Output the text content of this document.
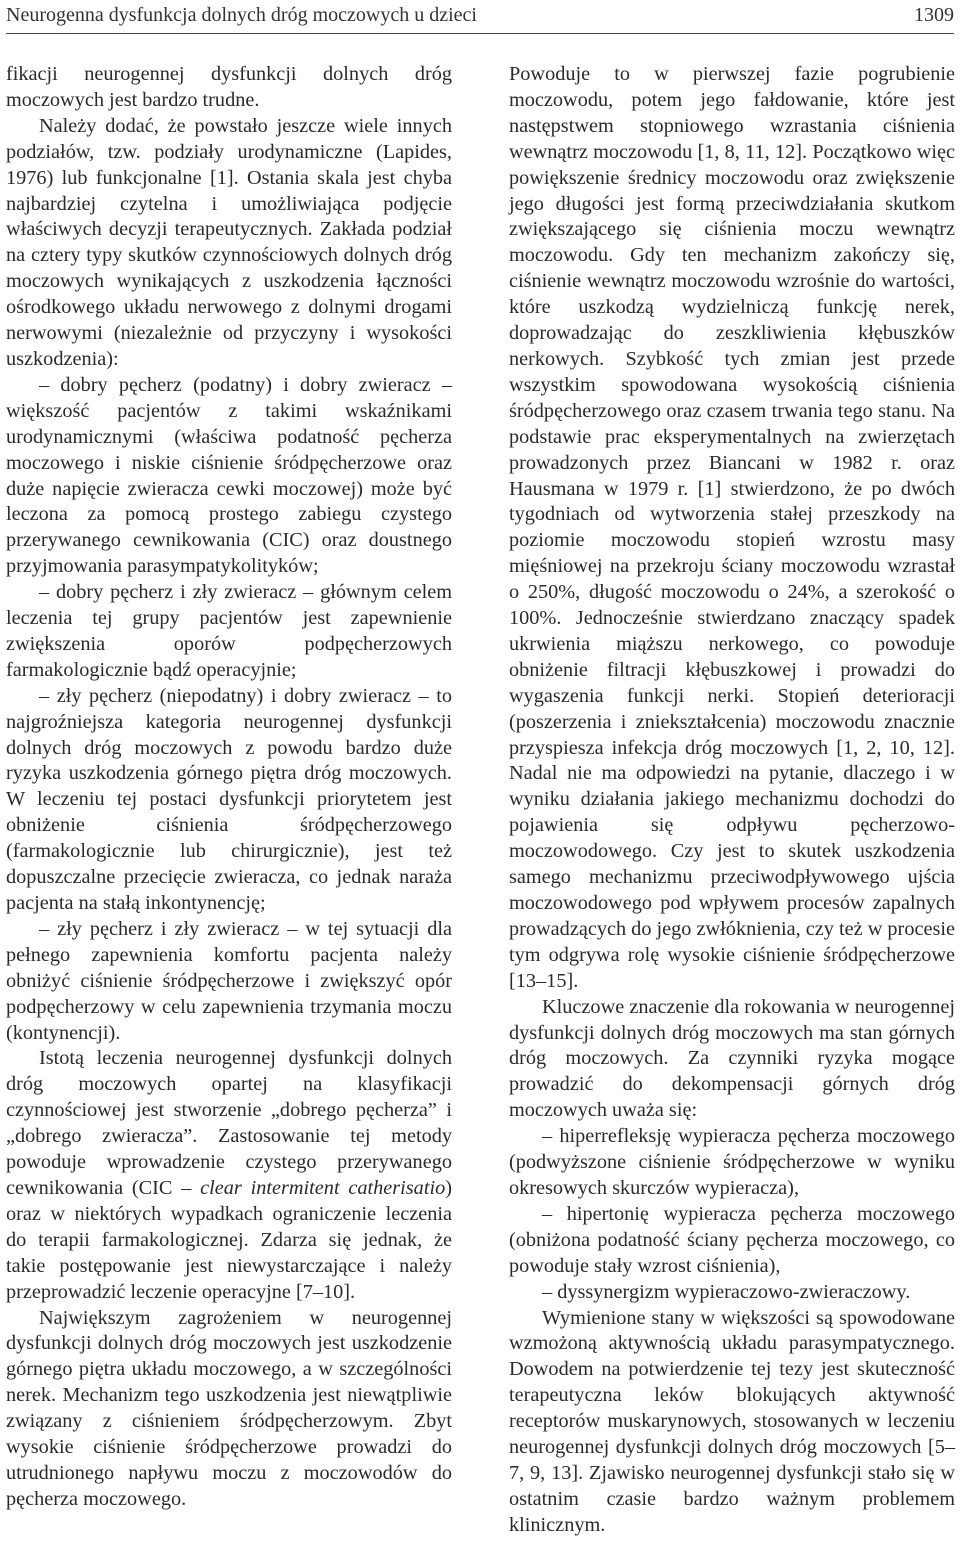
Neurogenna dysfunkcja dolnych dróg moczowych u dzieci	1309

fikacji neurogennej dysfunkcji dolnych dróg moczowych jest bardzo trudne.

Należy dodać, że powstało jeszcze wiele innych podziałów, tzw. podziały urodynamiczne (Lapides, 1976) lub funkcjonalne [1]. Ostania skala jest chyba najbardziej czytelna i umożliwiająca podjęcie właściwych decyzji terapeutycznych. Zakłada podział na cztery typy skutków czynnościowych dolnych dróg moczowych wynikających z uszkodzenia łączności ośrodkowego układu nerwowego z dolnymi drogami nerwowymi (niezależnie od przyczyny i wysokości uszkodzenia):

– dobry pęcherz (podatny) i dobry zwieracz – większość pacjentów z takimi wskaźnikami urodynamicznymi (właściwa podatność pęcherza moczowego i niskie ciśnienie śródpęcherzowe oraz duże napięcie zwieracza cewki moczowej) może być leczona za pomocą prostego zabiegu czystego przerywanego cewnikowania (CIC) oraz doustnego przyjmowania parasympatykolityków;

– dobry pęcherz i zły zwieracz – głównym celem leczenia tej grupy pacjentów jest zapewnienie zwiększenia oporów podpęcherzowych farmakologicznie bądź operacyjnie;

– zły pęcherz (niepodatny) i dobry zwieracz – to najgroźniejsza kategoria neurogennej dysfunkcji dolnych dróg moczowych z powodu bardzo duże ryzyka uszkodzenia górnego piętra dróg moczowych. W leczeniu tej postaci dysfunkcji priorytetem jest obniżenie ciśnienia śródpęcherzowego (farmakologicznie lub chirurgicznie), jest też dopuszczalne przecięcie zwieracza, co jednak naraża pacjenta na stałą inkontynencję;

– zły pęcherz i zły zwieracz – w tej sytuacji dla pełnego zapewnienia komfortu pacjenta należy obniżyć ciśnienie śródpęcherzowe i zwiększyć opór podpęcherzowy w celu zapewnienia trzymania moczu (kontynencji).

Istotą leczenia neurogennej dysfunkcji dolnych dróg moczowych opartej na klasyfikacji czynnościowej jest stworzenie „dobrego pęcherza” i „dobrego zwieracza”. Zastosowanie tej metody powoduje wprowadzenie czystego przerywanego cewnikowania (CIC – clear intermitent catherisatio) oraz w niektórych wypadkach ograniczenie leczenia do terapii farmakologicznej. Zdarza się jednak, że takie postępowanie jest niewystarczające i należy przeprowadzić leczenie operacyjne [7–10].

Największym zagrożeniem w neurogennej dysfunkcji dolnych dróg moczowych jest uszkodzenie górnego piętra układu moczowego, a w szczególności nerek. Mechanizm tego uszkodzenia jest niewątpliwie związany z ciśnieniem śródpęcherzowym. Zbyt wysokie ciśnienie śródpęcherzowe prowadzi do utrudnionego napływu moczu z moczowodów do pęcherza moczowego.

Powoduje to w pierwszej fazie pogrubienie moczowodu, potem jego fałdowanie, które jest następstwem stopniowego wzrastania ciśnienia wewnątrz moczowodu [1, 8, 11, 12]. Początkowo więc powiększenie średnicy moczowodu oraz zwiększenie jego długości jest formą przeciwdziałania skutkom zwiększającego się ciśnienia moczu wewnątrz moczowodu. Gdy ten mechanizm zakończy się, ciśnienie wewnątrz moczowodu wzrośnie do wartości, które uszkodzą wydzielniczą funkcję nerek, doprowadzając do zeszkliwienia kłębuszków nerkowych. Szybkość tych zmian jest przede wszystkim spowodowana wysokością ciśnienia śródpęcherzowego oraz czasem trwania tego stanu. Na podstawie prac eksperymentalnych na zwierzętach prowadzonych przez Biancani w 1982 r. oraz Hausmana w 1979 r. [1] stwierdzono, że po dwóch tygodniach od wytworzenia stałej przeszkody na poziomie moczowodu stopień wzrostu masy mięśniowej na przekroju ściany moczowodu wzrastał o 250%, długość moczowodu o 24%, a szerokość o 100%. Jednocześnie stwierdzano znaczący spadek ukrwienia miąższu nerkowego, co powoduje obniżenie filtracji kłębuszkowej i prowadzi do wygaszenia funkcji nerki. Stopień deterioracji (poszerzenia i zniekształcenia) moczowodu znacznie przyspiesza infekcja dróg moczowych [1, 2, 10, 12]. Nadal nie ma odpowiedzi na pytanie, dlaczego i w wyniku działania jakiego mechanizmu dochodzi do pojawienia się odpływu pęcherzowo-moczowodowego. Czy jest to skutek uszkodzenia samego mechanizmu przeciwodpływowego ujścia moczowodowego pod wpływem procesów zapalnych prowadzących do jego zwłóknienia, czy też w procesie tym odgrywa rolę wysokie ciśnienie śródpęcherzowe [13–15].

Kluczowe znaczenie dla rokowania w neurogennej dysfunkcji dolnych dróg moczowych ma stan górnych dróg moczowych. Za czynniki ryzyka mogące prowadzić do dekompensacji górnych dróg moczowych uważa się:

– hiperrefleksję wypieracza pęcherza moczowego (podwyższone ciśnienie śródpęcherzowe w wyniku okresowych skurczów wypieracza),

– hipertonię wypieracza pęcherza moczowego (obniżona podatność ściany pęcherza moczowego, co powoduje stały wzrost ciśnienia),

– dyssynergizm wypieraczowo-zwieraczowy.

Wymienione stany w większości są spowodowane wzmożoną aktywnością układu parasympatycznego. Dowodem na potwierdzenie tej tezy jest skuteczność terapeutyczna leków blokujących aktywność receptorów muskarynowych, stosowanych w leczeniu neurogennej dysfunkcji dolnych dróg moczowych [5–7, 9, 13]. Zjawisko neurogennej dysfunkcji stało się w ostatnim czasie bardzo ważnym problemem klinicznym.
